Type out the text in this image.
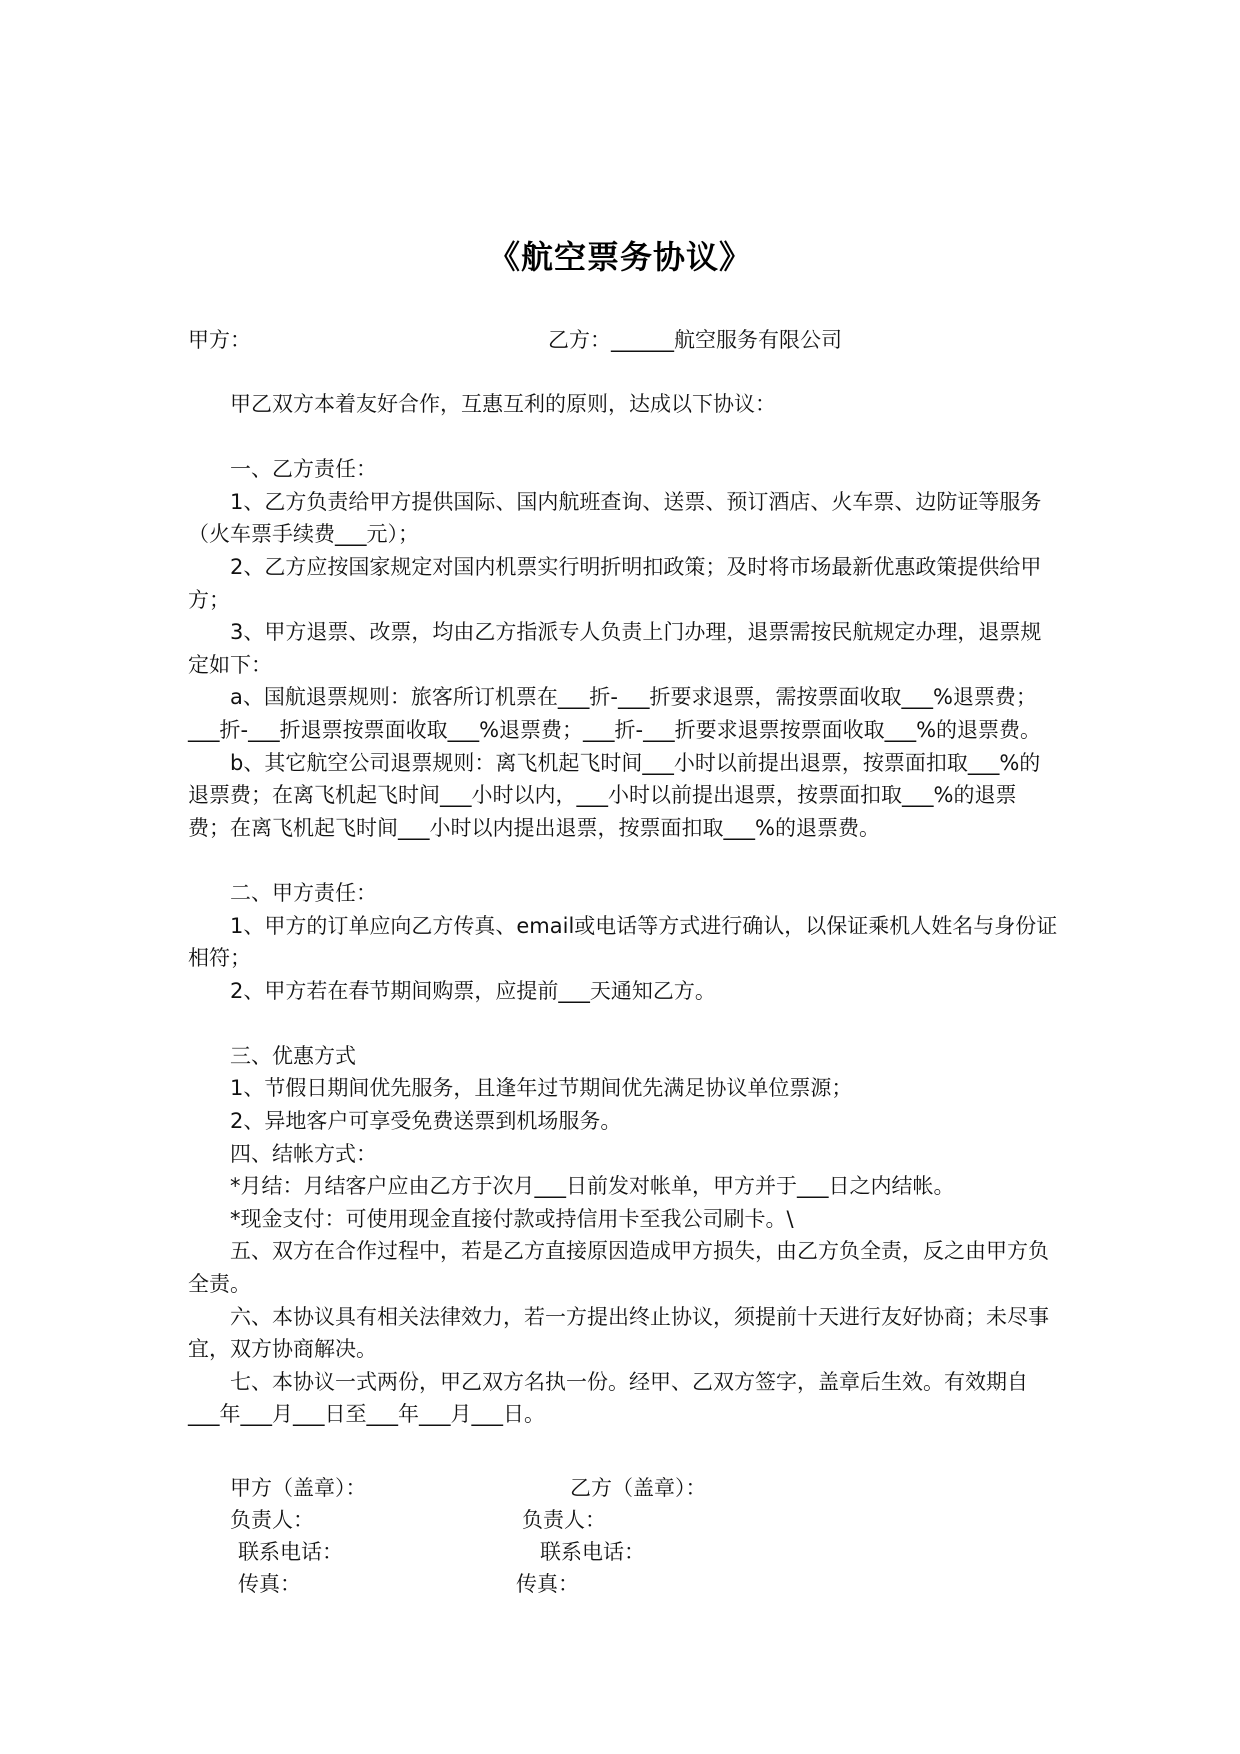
《航空票务协议》
甲方：	乙方：______航空服务有限公司

甲乙双方本着友好合作，互惠互利的原则，达成以下协议：

一、乙方责任：

1、乙方负责给甲方提供国际、国内航班查询、送票、预订酒店、火车票、边防证等服务（火车票手续费___元）；

2、乙方应按国家规定对国内机票实行明折明扣政策；及时将市场最新优惠政策提供给甲方；

3、甲方退票、改票，均由乙方指派专人负责上门办理，退票需按民航规定办理，退票规定如下：

a、国航退票规则：旅客所订机票在___折-___折要求退票，需按票面收取___%退票费；___折-___折退票按票面收取___%退票费；___折-___折要求退票按票面收取___%的退票费。

b、其它航空公司退票规则：离飞机起飞时间___小时以前提出退票，按票面扣取___%的退票费；在离飞机起飞时间___小时以内，___小时以前提出退票，按票面扣取___%的退票费；在离飞机起飞时间___小时以内提出退票，按票面扣取___%的退票费。

二、甲方责任：

1、甲方的订单应向乙方传真、email或电话等方式进行确认，以保证乘机人姓名与身份证相符；

2、甲方若在春节期间购票，应提前___天通知乙方。

三、优惠方式

1、节假日期间优先服务，且逢年过节期间优先满足协议单位票源；

2、异地客户可享受免费送票到机场服务。

四、结帐方式：

*月结：月结客户应由乙方于次月___日前发对帐单，甲方并于___日之内结帐。

*现金支付：可使用现金直接付款或持信用卡至我公司刷卡。\

五、双方在合作过程中，若是乙方直接原因造成甲方损失，由乙方负全责，反之由甲方负全责。

六、本协议具有相关法律效力，若一方提出终止协议，须提前十天进行友好协商；未尽事宜，双方协商解决。

七、本协议一式两份，甲乙双方名执一份。经甲、乙双方签字，盖章后生效。有效期自___年___月___日至___年___月___日。

甲方（盖章）：	乙方（盖章）：
负责人：	负责人：
联系电话：	联系电话：
传真：	传真：
